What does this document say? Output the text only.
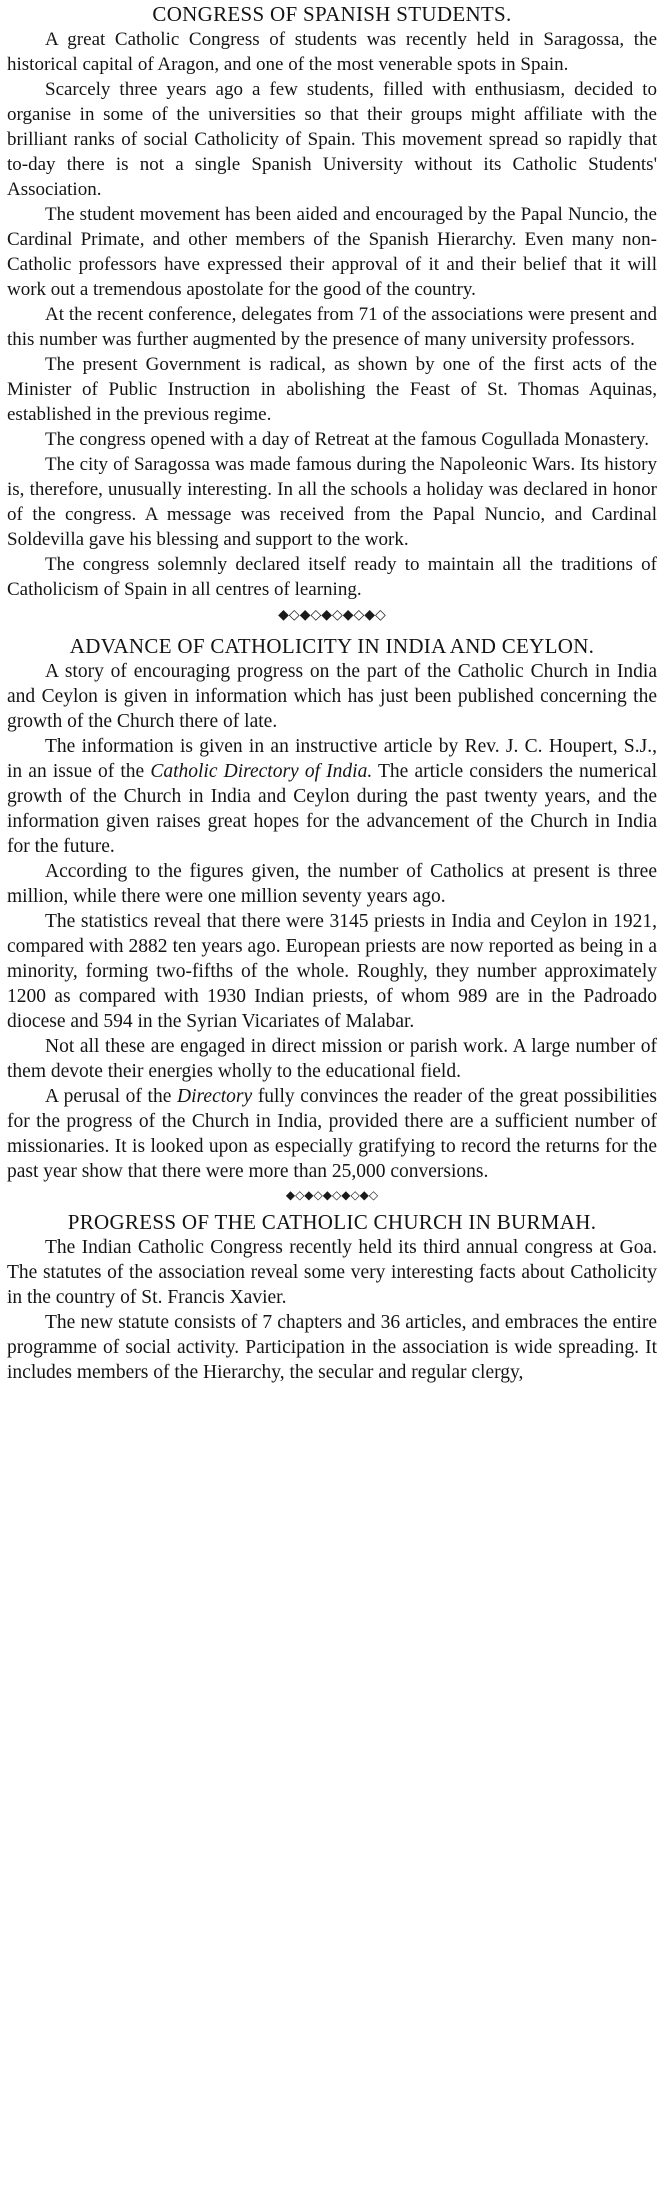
CONGRESS OF SPANISH STUDENTS.

A great Catholic Congress of students was recently held in Saragossa, the historical capital of Aragon, and one of the most venerable spots in Spain.

Scarcely three years ago a few students, filled with enthusiasm, decided to organise in some of the universities so that their groups might affiliate with the brilliant ranks of social Catholicity of Spain. This movement spread so rapidly that to-day there is not a single Spanish University without its Catholic Students' Association.

The student movement has been aided and encouraged by the Papal Nuncio, the Cardinal Primate, and other members of the Spanish Hierarchy. Even many non-Catholic professors have expressed their approval of it and their belief that it will work out a tremendous apostolate for the good of the country.

At the recent conference, delegates from 71 of the associations were present and this number was further augmented by the presence of many university professors.

The present Government is radical, as shown by one of the first acts of the Minister of Public Instruction in abolishing the Feast of St. Thomas Aquinas, established in the previous regime.

The congress opened with a day of Retreat at the famous Cogullada Monastery.

The city of Saragossa was made famous during the Napoleonic Wars. Its history is, therefore, unusually interesting. In all the schools a holiday was declared in honor of the congress. A message was received from the Papal Nuncio, and Cardinal Soldevilla gave his blessing and support to the work.

The congress solemnly declared itself ready to maintain all the traditions of Catholicism of Spain in all centres of learning.

◆◇◆◇◆◇◆◇◆◇
ADVANCE OF CATHOLICITY IN INDIA AND CEYLON.

A story of encouraging progress on the part of the Catholic Church in India and Ceylon is given in information which has just been published concerning the growth of the Church there of late.

The information is given in an instructive article by Rev. J. C. Houpert, S.J., in an issue of the Catholic Directory of India. The article considers the numerical growth of the Church in India and Ceylon during the past twenty years, and the information given raises great hopes for the advancement of the Church in India for the future.

According to the figures given, the number of Catholics at present is three million, while there were one million seventy years ago.

The statistics reveal that there were 3145 priests in India and Ceylon in 1921, compared with 2882 ten years ago. European priests are now reported as being in a minority, forming two-fifths of the whole. Roughly, they number approximately 1200 as compared with 1930 Indian priests, of whom 989 are in the Padroado diocese and 594 in the Syrian Vicariates of Malabar.

Not all these are engaged in direct mission or parish work. A large number of them devote their energies wholly to the educational field.

A perusal of the Directory fully convinces the reader of the great possibilities for the progress of the Church in India, provided there are a sufficient number of missionaries. It is looked upon as especially gratifying to record the returns for the past year show that there were more than 25,000 conversions.

◆◇◆◇◆◇◆◇◆◇
PROGRESS OF THE CATHOLIC CHURCH IN BURMAH.

The Indian Catholic Congress recently held its third annual congress at Goa. The statutes of the association reveal some very interesting facts about Catholicity in the country of St. Francis Xavier.

The new statute consists of 7 chapters and 36 articles, and embraces the entire programme of social activity. Participation in the association is wide spreading. It includes members of the Hierarchy, the secular and regular clergy,
